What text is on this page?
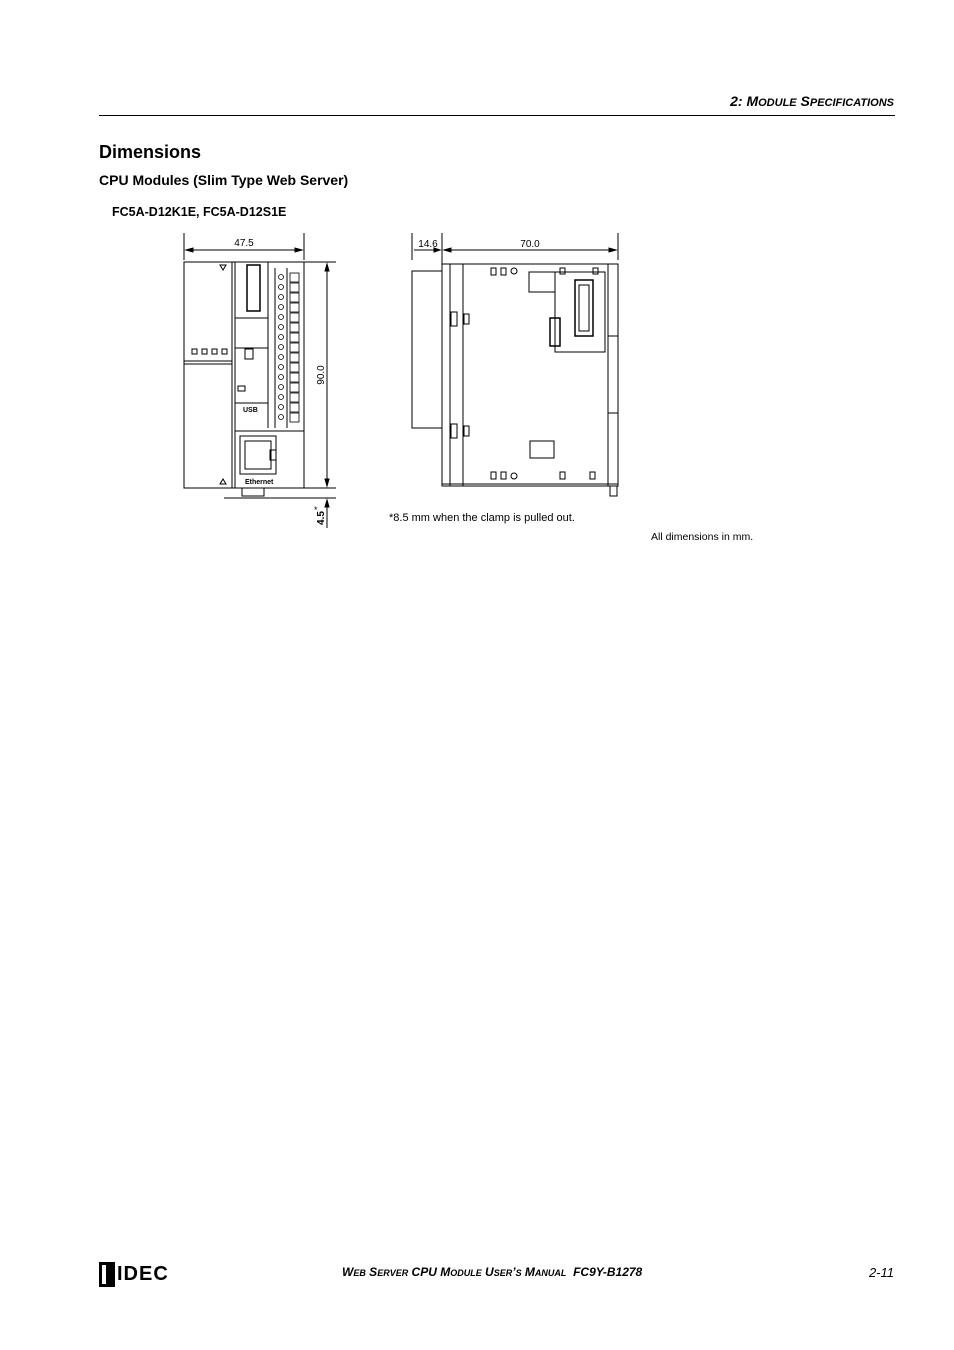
2: MODULE SPECIFICATIONS
Dimensions
CPU Modules (Slim Type Web Server)
FC5A-D12K1E, FC5A-D12S1E
47.5
90.0
4.5
*
USB
Ethernet
14.6	70.0
*8.5 mm when the clamp is pulled out.
All dimensions in mm.
IDEC	WEB SERVER CPU MODULE USER’S MANUAL FC9Y-B1278	2-11
